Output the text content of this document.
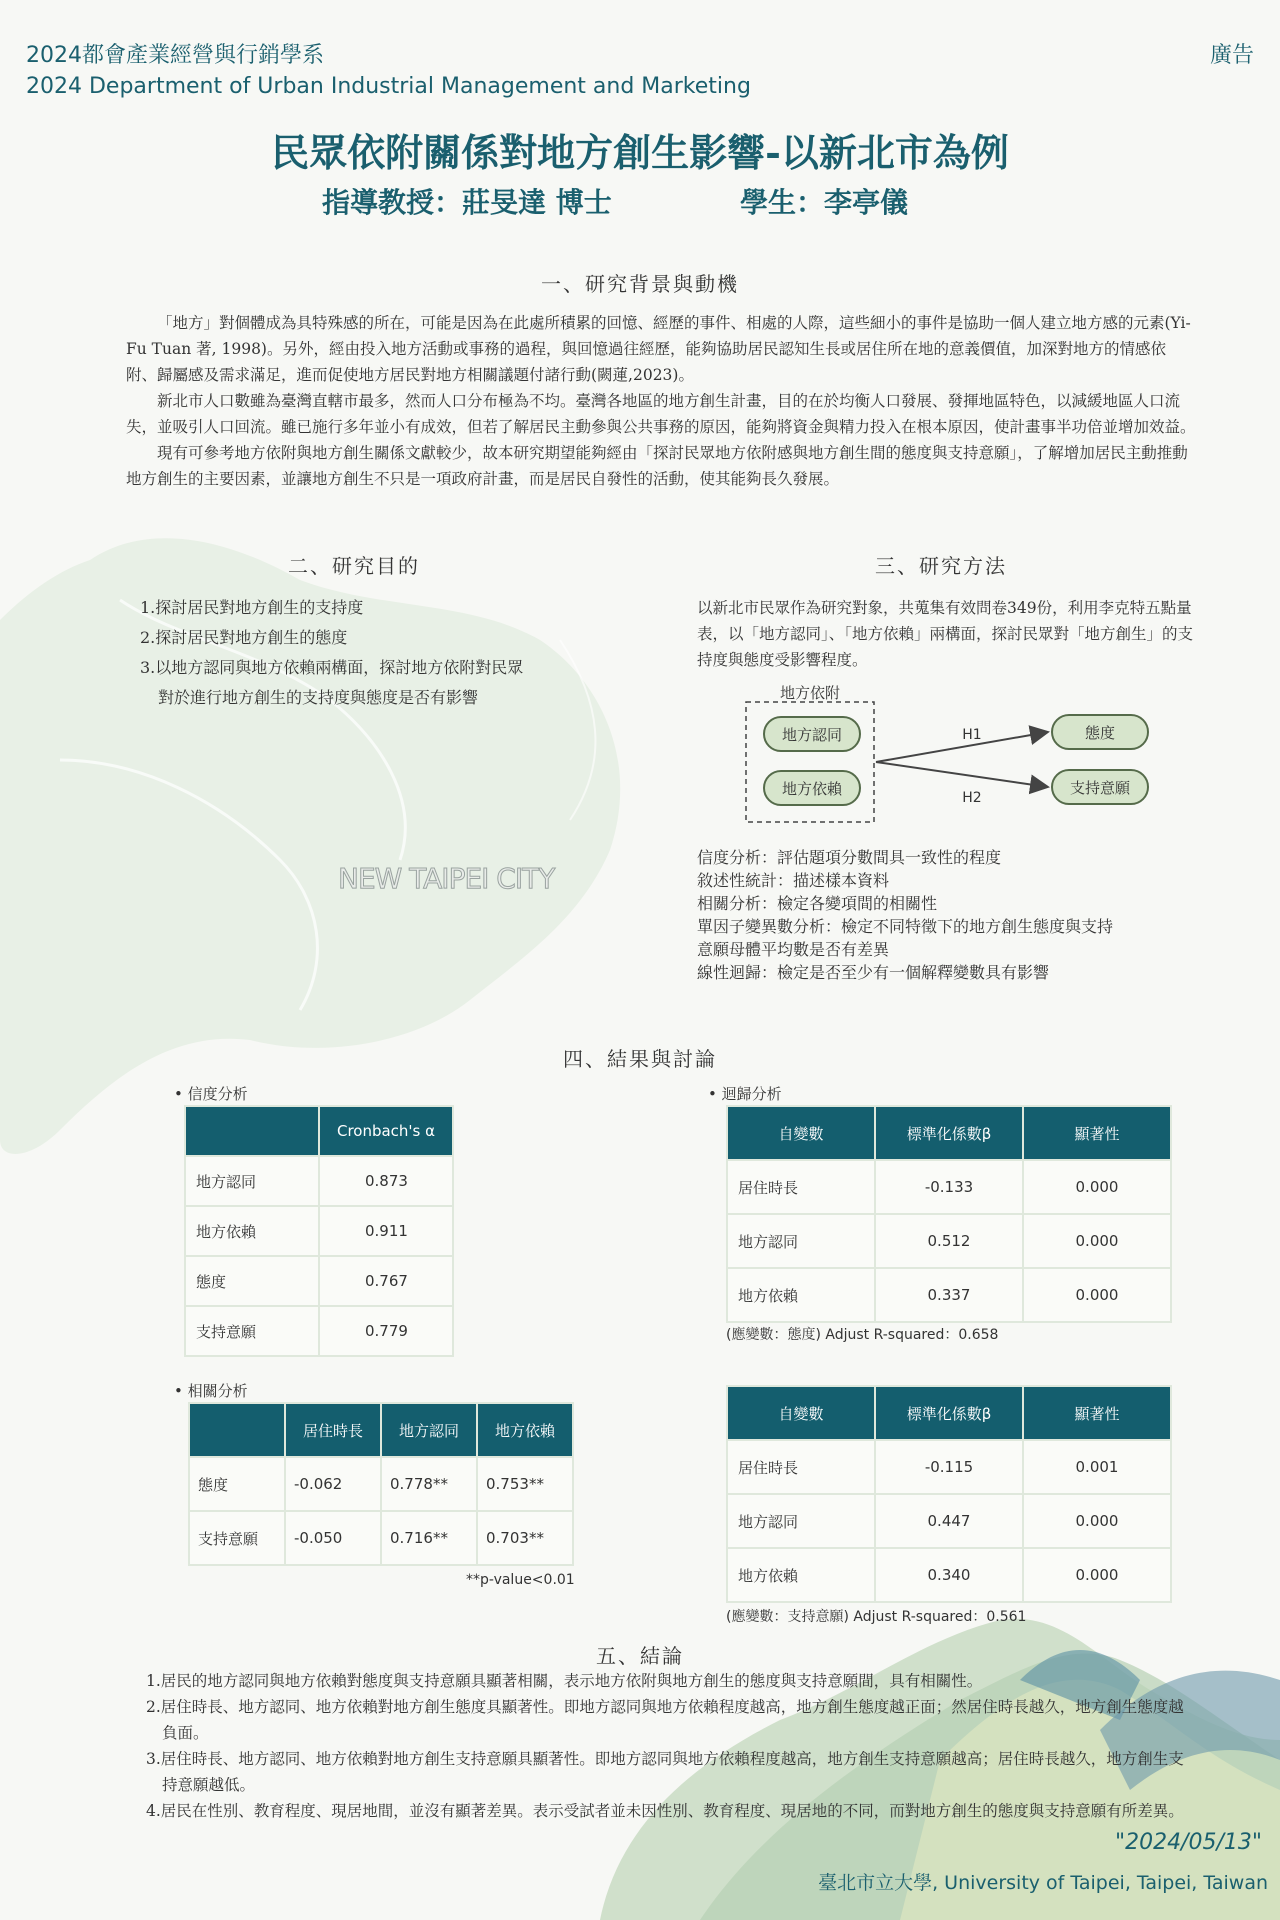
2024都會產業經營與行銷學系
2024 Department of Urban Industrial Management and Marketing
廣告
民眾依附關係對地方創生影響-以新北市為例
指導教授：莊旻達 博士	學生：李亭儀
一、研究背景與動機

「地方」對個體成為具特殊感的所在，可能是因為在此處所積累的回憶、經歷的事件、相處的人際，這些細小的事件是協助一個人建立地方感的元素(Yi-Fu Tuan 著, 1998)。另外，經由投入地方活動或事務的過程，與回憶過往經歷，能夠協助居民認知生長或居住所在地的意義價值，加深對地方的情感依附、歸屬感及需求滿足，進而促使地方居民對地方相關議題付諸行動(闕蓮,2023)。

新北市人口數雖為臺灣直轄市最多，然而人口分布極為不均。臺灣各地區的地方創生計畫，目的在於均衡人口發展、發揮地區特色，以減緩地區人口流失，並吸引人口回流。雖已施行多年並小有成效，但若了解居民主動參與公共事務的原因，能夠將資金與精力投入在根本原因，使計畫事半功倍並增加效益。

現有可參考地方依附與地方創生關係文獻較少，故本研究期望能夠經由「探討民眾地方依附感與地方創生間的態度與支持意願」，了解增加居民主動推動地方創生的主要因素，並讓地方創生不只是一項政府計畫，而是居民自發性的活動，使其能夠長久發展。

二、研究目的
1.探討居民對地方創生的支持度
2.探討居民對地方創生的態度
3.以地方認同與地方依賴兩構面，探討地方依附對民眾
對於進行地方創生的支持度與態度是否有影響
NEW TAIPEI CITY
三、研究方法
以新北市民眾作為研究對象，共蒐集有效問卷349份，利用李克特五點量表，以「地方認同」、「地方依賴」兩構面，探討民眾對「地方創生」的支持度與態度受影響程度。
地方依附
地方認同
地方依賴
態度
支持意願
H1
H2
信度分析：評估題項分數間具一致性的程度
敘述性統計：描述樣本資料
相關分析：檢定各變項間的相關性
單因子變異數分析：檢定不同特徵下的地方創生態度與支持
意願母體平均數是否有差異
線性迴歸：檢定是否至少有一個解釋變數具有影響
四、結果與討論
• 信度分析
	Cronbach's α
地方認同	0.873
地方依賴	0.911
態度	0.767
支持意願	0.779
• 相關分析
	居住時長	地方認同	地方依賴
態度	-0.062	0.778**	0.753**
支持意願	-0.050	0.716**	0.703**
**p-value<0.01
• 迴歸分析
自變數	標準化係數β	顯著性
居住時長	-0.133	0.000
地方認同	0.512	0.000
地方依賴	0.337	0.000
(應變數：態度) Adjust R-squared：0.658
自變數	標準化係數β	顯著性
居住時長	-0.115	0.001
地方認同	0.447	0.000
地方依賴	0.340	0.000
(應變數：支持意願) Adjust R-squared：0.561
五、結論
1.居民的地方認同與地方依賴對態度與支持意願具顯著相關，表示地方依附與地方創生的態度與支持意願間，具有相關性。
2.居住時長、地方認同、地方依賴對地方創生態度具顯著性。即地方認同與地方依賴程度越高，地方創生態度越正面；然居住時長越久，地方創生態度越負面。
3.居住時長、地方認同、地方依賴對地方創生支持意願具顯著性。即地方認同與地方依賴程度越高，地方創生支持意願越高；居住時長越久，地方創生支持意願越低。
4.居民在性別、教育程度、現居地間，並沒有顯著差異。表示受試者並未因性別、教育程度、現居地的不同，而對地方創生的態度與支持意願有所差異。
"2024/05/13"
臺北市立大學, University of Taipei, Taipei, Taiwan
